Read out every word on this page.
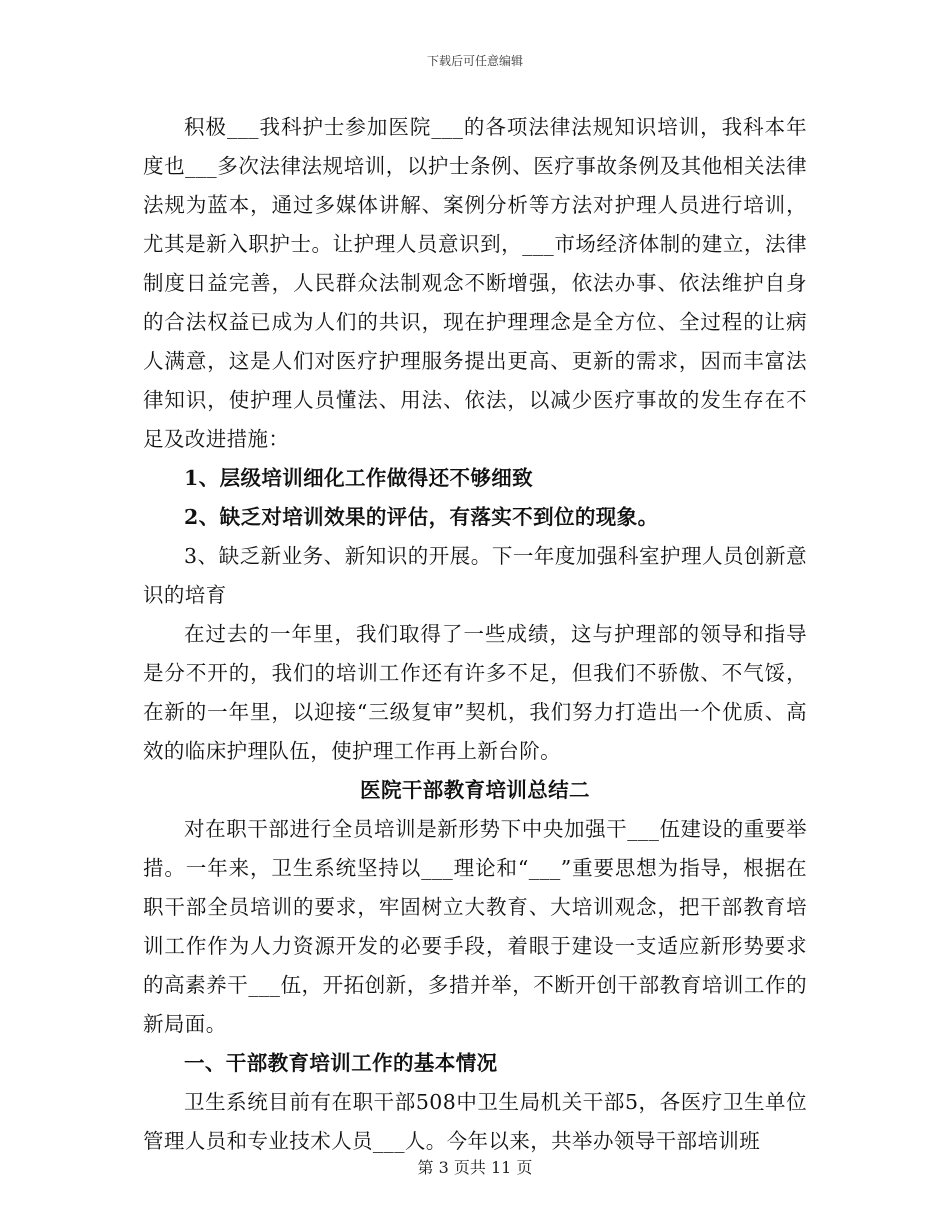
下载后可任意编辑

积极___我科护士参加医院___的各项法律法规知识培训，我科本年度也___多次法律法规培训，以护士条例、医疗事故条例及其他相关法律法规为蓝本，通过多媒体讲解、案例分析等方法对护理人员进行培训，尤其是新入职护士。让护理人员意识到，___市场经济体制的建立，法律制度日益完善，人民群众法制观念不断增强，依法办事、依法维护自身的合法权益已成为人们的共识，现在护理理念是全方位、全过程的让病人满意，这是人们对医疗护理服务提出更高、更新的需求，因而丰富法律知识，使护理人员懂法、用法、依法，以减少医疗事故的发生存在不足及改进措施：

1、层级培训细化工作做得还不够细致

2、缺乏对培训效果的评估，有落实不到位的现象。

3、缺乏新业务、新知识的开展。下一年度加强科室护理人员创新意识的培育

在过去的一年里，我们取得了一些成绩，这与护理部的领导和指导是分不开的，我们的培训工作还有许多不足，但我们不骄傲、不气馁，在新的一年里，以迎接“三级复审”契机，我们努力打造出一个优质、高效的临床护理队伍，使护理工作再上新台阶。

医院干部教育培训总结二

对在职干部进行全员培训是新形势下中央加强干___伍建设的重要举措。一年来，卫生系统坚持以___理论和“___”重要思想为指导，根据在职干部全员培训的要求，牢固树立大教育、大培训观念，把干部教育培训工作作为人力资源开发的必要手段，着眼于建设一支适应新形势要求的高素养干___伍，开拓创新，多措并举，不断开创干部教育培训工作的新局面。

一、干部教育培训工作的基本情况

卫生系统目前有在职干部508中卫生局机关干部5，各医疗卫生单位管理人员和专业技术人员___人。今年以来，共举办领导干部培训班

第 3 页共 11 页
